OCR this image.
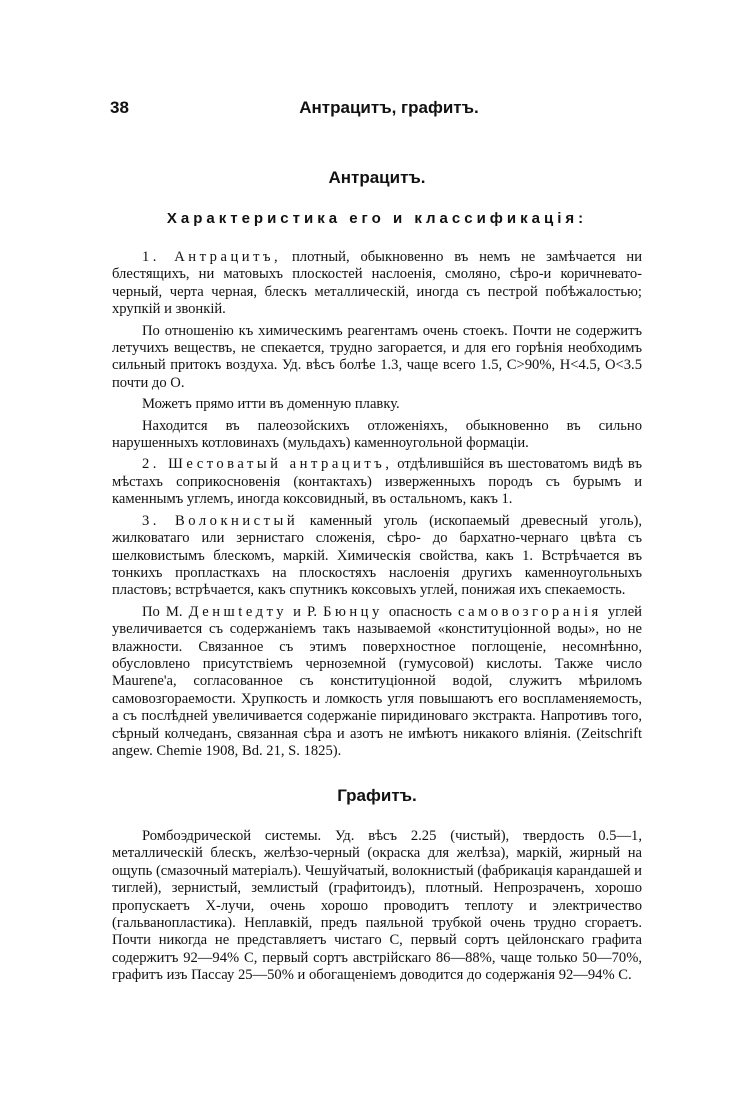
38	Антрацитъ, графитъ.
Антрацитъ.
Характеристика его и классификація:

1. Антрацитъ, плотный, обыкновенно въ немъ не замѣчается ни блестящихъ, ни матовыхъ плоскостей наслоенія, смоляно, сѣро-и коричневато-черный, черта черная, блескъ металлическій, иногда съ пестрой побѣжалостью; хрупкій и звонкій.

По отношенію къ химическимъ реагентамъ очень стоекъ. Почти не содержитъ летучихъ веществъ, не спекается, трудно загорается, и для его горѣнія необходимъ сильный притокъ воздуха. Уд. вѣсъ болѣе 1.3, чаще всего 1.5, C>90%, H<4.5, O<3.5 почти до O.

Можетъ прямо итти въ доменную плавку.

Находится въ палеозойскихъ отложеніяхъ, обыкновенно въ сильно нарушенныхъ котловинахъ (мульдахъ) каменноугольной формаціи.

2. Шестоватый антрацитъ, отдѣлившійся въ шестоватомъ видѣ въ мѣстахъ соприкосновенія (контактахъ) изверженныхъ породъ съ бурымъ и каменнымъ углемъ, иногда коксовидный, въ остальномъ, какъ 1.

3. Волокнистый каменный уголь (ископаемый древесный уголь), жилковатаго или зернистаго сложенія, сѣро- до бархатно-чернаго цвѣта съ шелковистымъ блескомъ, маркій. Химическія свойства, какъ 1. Встрѣчается въ тонкихъ пропласткахъ на плоскостяхъ наслоенія другихъ каменноугольныхъ пластовъ; встрѣчается, какъ спутникъ коксовыхъ углей, понижая ихъ спекаемость.

По М. Деншtедту и Р. Бюнцу опасность самовозгоранія углей увеличивается съ содержаніемъ такъ называемой «конституціонной воды», но не влажности. Связанное съ этимъ поверхностное поглощеніе, несомнѣнно, обусловлено присутствіемъ черноземной (гумусовой) кислоты. Также число Maurene'a, согласованное съ конституціонной водой, служитъ мѣриломъ самовозгораемости. Хрупкость и ломкость угля повышаютъ его воспламеняемость, а съ послѣдней увеличивается содержаніе пиридиноваго экстракта. Напротивъ того, сѣрный колчеданъ, связанная сѣра и азотъ не имѣютъ никакого вліянія. (Zeitschrift angew. Chemie 1908, Bd. 21, S. 1825).

Графитъ.

Ромбоэдрической системы. Уд. вѣсъ 2.25 (чистый), твердость 0.5—1, металлическій блескъ, желѣзо-черный (окраска для желѣза), маркій, жирный на ощупь (смазочный матеріалъ). Чешуйчатый, волокнистый (фабрикація карандашей и тиглей), зернистый, землистый (графитоидъ), плотный. Непрозраченъ, хорошо пропускаетъ X-лучи, очень хорошо проводитъ теплоту и электричество (гальванопластика). Неплавкій, предъ паяльной трубкой очень трудно сгораетъ. Почти никогда не представляетъ чистаго C, первый сортъ цейлонскаго графита содержитъ 92—94% C, первый сортъ австрійскаго 86—88%, чаще только 50—70%, графитъ изъ Пассау 25—50% и обогащеніемъ доводится до содержанія 92—94% C.
